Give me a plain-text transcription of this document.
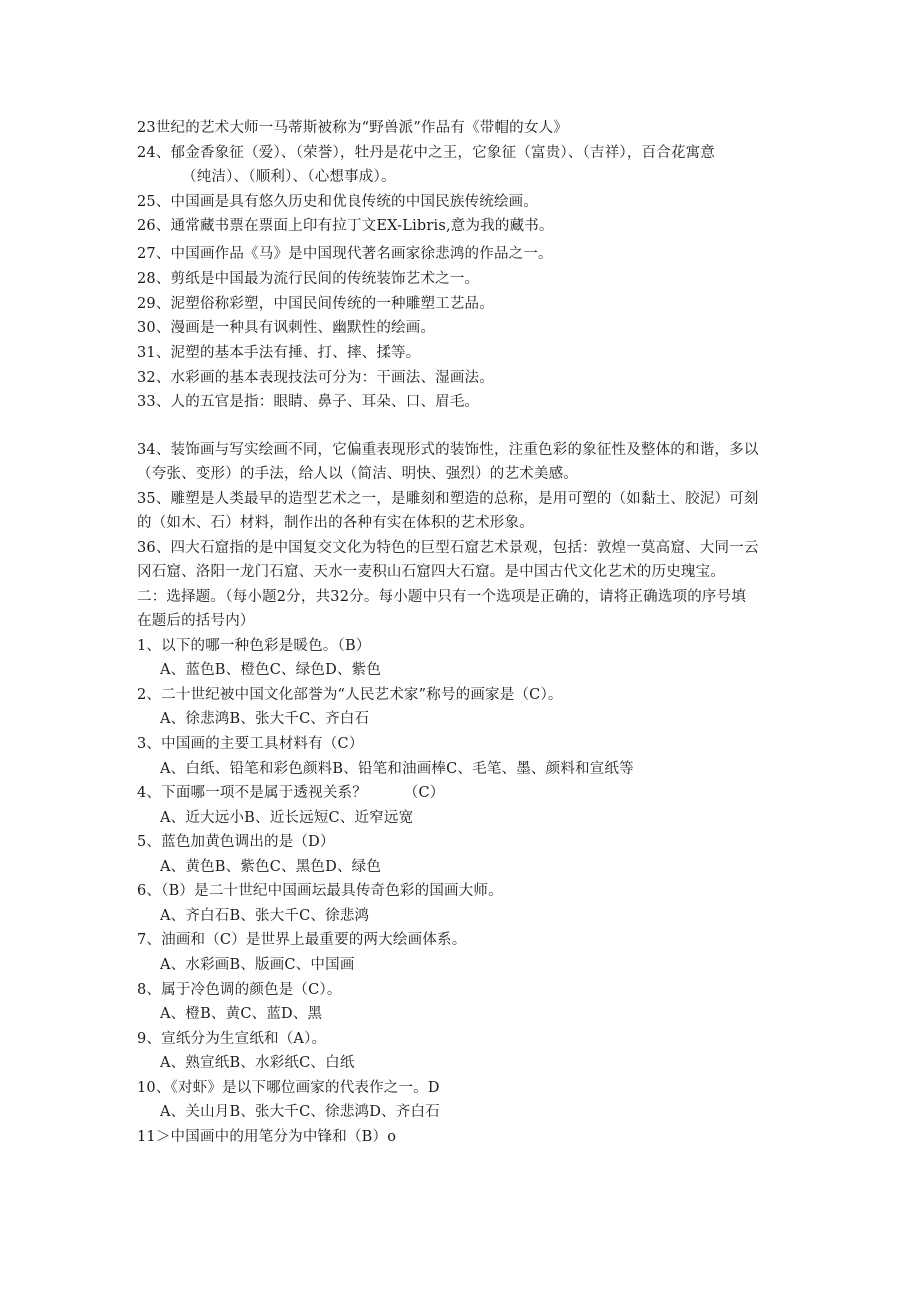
23世纪的艺术大师一马蒂斯被称为“野兽派”作品有《带帽的女人》
24、郁金香象征（爱）、（荣誉），牡丹是花中之王，它象征（富贵）、（吉祥），百合花寓意
（纯洁）、（顺利）、（心想事成）。
25、中国画是具有悠久历史和优良传统的中国民族传统绘画。
26、通常藏书票在票面上印有拉丁文EX-Libris,意为我的藏书。
27、中国画作品《马》是中国现代著名画家徐悲鸿的作品之一。
28、剪纸是中国最为流行民间的传统装饰艺术之一。
29、泥塑俗称彩塑，中国民间传统的一种雕塑工艺品。
30、漫画是一种具有讽刺性、幽默性的绘画。
31、泥塑的基本手法有捶、打、摔、揉等。
32、水彩画的基本表现技法可分为：干画法、湿画法。
33、人的五官是指：眼睛、鼻子、耳朵、口、眉毛。
34、装饰画与写实绘画不同，它偏重表现形式的装饰性，注重色彩的象征性及整体的和谐，多以
（夸张、变形）的手法，给人以（简洁、明快、强烈）的艺术美感。
35、雕塑是人类最早的造型艺术之一，是雕刻和塑造的总称，是用可塑的（如黏土、胶泥）可刻
的（如木、石）材料，制作出的各种有实在体积的艺术形象。
36、四大石窟指的是中国复交文化为特色的巨型石窟艺术景观，包括：敦煌一莫高窟、大同一云
冈石窟、洛阳一龙门石窟、天水一麦积山石窟四大石窟。是中国古代文化艺术的历史瑰宝。
二：选择题。（每小题2分，共32分。每小题中只有一个选项是正确的，请将正确选项的序号填
在题后的括号内）
1、以下的哪一种色彩是暖色。（B）
A、蓝色B、橙色C、绿色D、紫色
2、二十世纪被中国文化部誉为“人民艺术家”称号的画家是（C）。
A、徐悲鸿B、张大千C、齐白石
3、中国画的主要工具材料有（C）
A、白纸、铅笔和彩色颜料B、铅笔和油画棒C、毛笔、墨、颜料和宣纸等
4、下面哪一项不是属于透视关系？　　　（C）
A、近大远小B、近长远短C、近窄远宽
5、蓝色加黄色调出的是（D）
A、黄色B、紫色C、黑色D、绿色
6、（B）是二十世纪中国画坛最具传奇色彩的国画大师。
A、齐白石B、张大千C、徐悲鸿
7、油画和（C）是世界上最重要的两大绘画体系。
A、水彩画B、版画C、中国画
8、属于冷色调的颜色是（C）。
A、橙B、黄C、蓝D、黑
9、宣纸分为生宣纸和（A）。
A、熟宣纸B、水彩纸C、白纸
10、《对虾》是以下哪位画家的代表作之一。D
A、关山月B、张大千C、徐悲鸿D、齐白石
11＞中国画中的用笔分为中锋和（B）o
